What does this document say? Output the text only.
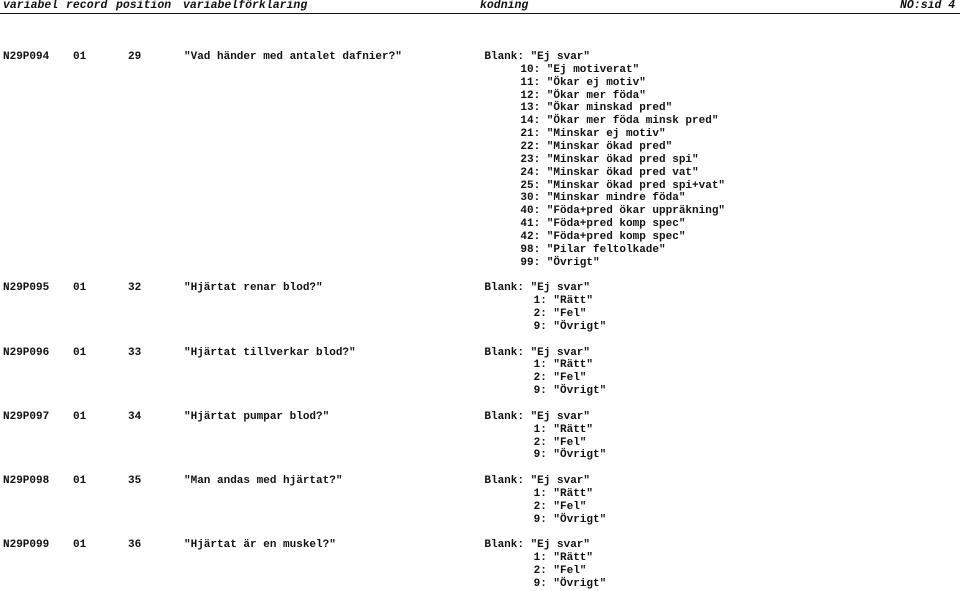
variabel record position variabelförklaring	kodning	NO:sid 4
N29P094 01	29	"Vad händer med antalet dafnier?"	Blank: "Ej svar"
10: "Ej motiverat"
11: "Ökar ej motiv"
12: "Ökar mer föda"
13: "Ökar minskad pred"
14: "Ökar mer föda minsk pred"
21: "Minskar ej motiv"
22: "Minskar ökad pred"
23: "Minskar ökad pred spi"
24: "Minskar ökad pred vat"
25: "Minskar ökad pred spi+vat"
30: "Minskar mindre föda"
40: "Föda+pred ökar uppräkning"
41: "Föda+pred komp spec"
42: "Föda+pred komp spec"
98: "Pilar feltolkade"
99: "Övrigt"
N29P095 01	32	"Hjärtat renar blod?"	Blank: "Ej svar"
1: "Rätt"
2: "Fel"
9: "Övrigt"
N29P096 01	33	"Hjärtat tillverkar blod?"	Blank: "Ej svar"
1: "Rätt"
2: "Fel"
9: "Övrigt"
N29P097 01	34	"Hjärtat pumpar blod?"	Blank: "Ej svar"
1: "Rätt"
2: "Fel"
9: "Övrigt"
N29P098 01	35	"Man andas med hjärtat?"	Blank: "Ej svar"
1: "Rätt"
2: "Fel"
9: "Övrigt"
N29P099 01	36	"Hjärtat är en muskel?"	Blank: "Ej svar"
1: "Rätt"
2: "Fel"
9: "Övrigt"
